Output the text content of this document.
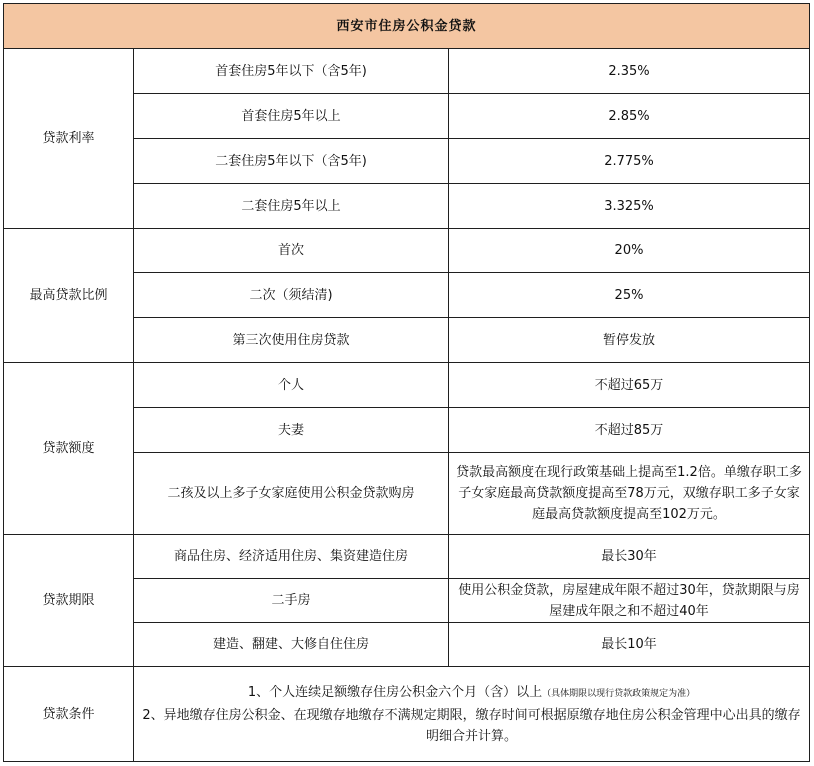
西安市住房公积金贷款		
贷款利率	首套住房5年以下（含5年)	2.35%
	首套住房5年以上	2.85%
	二套住房5年以下（含5年)	2.775%
	二套住房5年以上	3.325%
最高贷款比例	首次	20%
	二次（须结清)	25%
	第三次使用住房贷款	暂停发放
贷款额度	个人	不超过65万
	夫妻	不超过85万
	二孩及以上多子女家庭使用公积金贷款购房	贷款最高额度在现行政策基础上提高至1.2倍。单缴存职工多子女家庭最高贷款额度提高至78万元，双缴存职工多子女家庭最高贷款额度提高至102万元。
贷款期限	商品住房、经济适用住房、集资建造住房	最长30年
	二手房	使用公积金贷款，房屋建成年限不超过30年，贷款期限与房屋建成年限之和不超过40年
	建造、翻建、大修自住住房	最长10年
贷款条件	1、个人连续足额缴存住房公积金六个月（含）以上（具体期限以现行贷款政策规定为准）
2、异地缴存住房公积金、在现缴存地缴存不满规定期限，缴存时间可根据原缴存地住房公积金管理中心出具的缴存明细合并计算。	
